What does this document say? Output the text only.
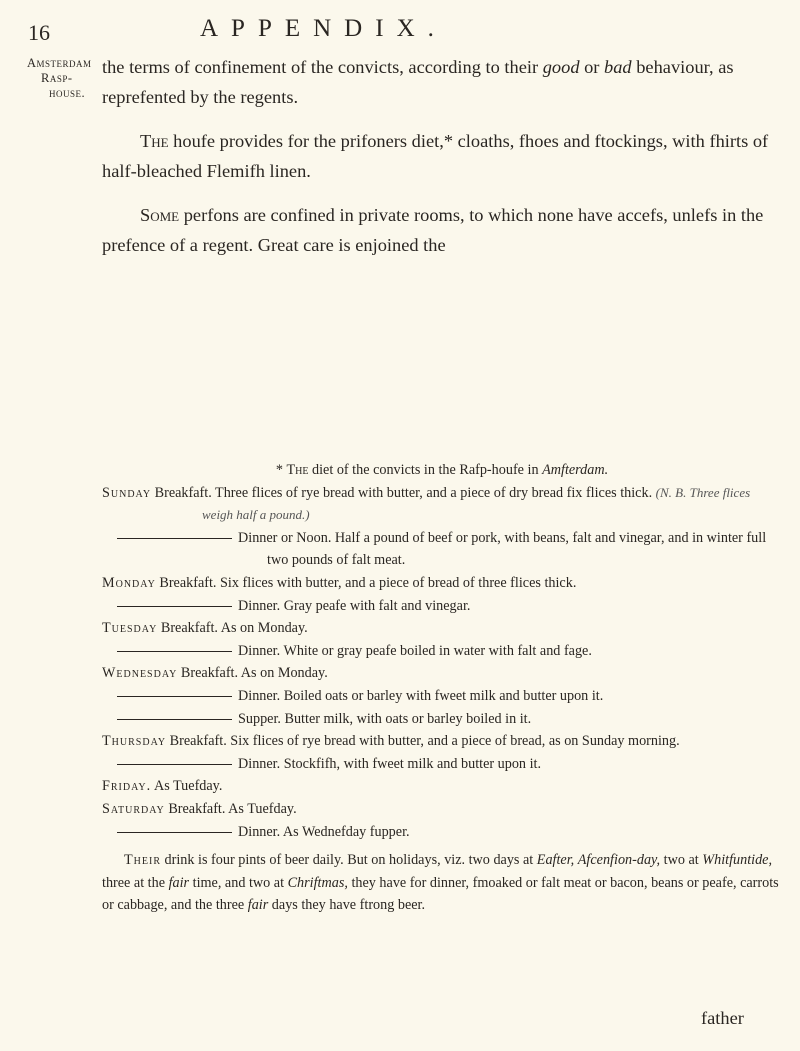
16	APPENDIX.
Amsterdam
Rasp-
house.

the terms of confinement of the convicts, according to their good or bad behaviour, as reprefented by the regents.

The houfe provides for the prifoners diet,* cloaths, fhoes and ftockings, with fhirts of half-bleached Flemifh linen.

Some perfons are confined in private rooms, to which none have accefs, unlefs in the prefence of a regent. Great care is enjoined the

* The diet of the convicts in the Rafp-houfe in Amfterdam.

Sunday Breakfaft. Three flices of rye bread with butter, and a piece of dry bread fix flices thick. (N. B. Three flices weigh half a pound.)

Dinner or Noon. Half a pound of beef or pork, with beans, falt and vinegar, and in winter full two pounds of falt meat.

Monday Breakfaft. Six flices with butter, and a piece of bread of three flices thick.

Dinner. Gray peafe with falt and vinegar.

Tuesday Breakfaft. As on Monday.

Dinner. White or gray peafe boiled in water with falt and fage.

Wednesday Breakfaft. As on Monday.

Dinner. Boiled oats or barley with fweet milk and butter upon it.

Supper. Butter milk, with oats or barley boiled in it.

Thursday Breakfaft. Six flices of rye bread with butter, and a piece of bread, as on Sunday morning.

Dinner. Stockfifh, with fweet milk and butter upon it.

Friday. As Tuefday.

Saturday Breakfaft. As Tuefday.

Dinner. As Wednefday fupper.

Their drink is four pints of beer daily. But on holidays, viz. two days at Eafter, Afcenfion-day, two at Whitfuntide, three at the fair time, and two at Chriftmas, they have for dinner, fmoaked or falt meat or bacon, beans or peafe, carrots or cabbage, and the three fair days they have ftrong beer.

father
